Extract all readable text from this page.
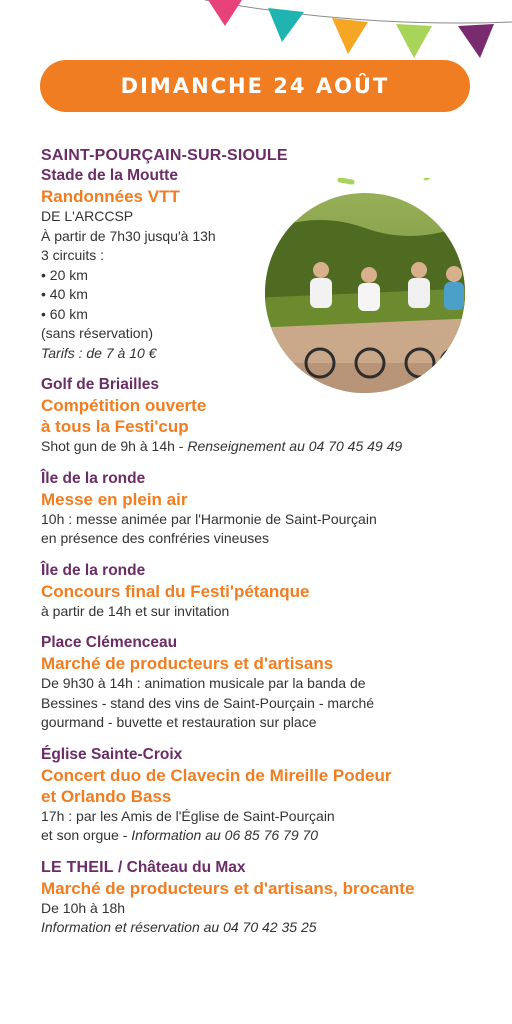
DIMANCHE 24 AOÛT
SAINT-POURÇAIN-SUR-SIOULE
Stade de la Moutte
Randonnées VTT
DE L'ARCCSP
À partir de 7h30 jusqu'à 13h
3 circuits :
• 20 km
• 40 km
• 60 km
(sans réservation)
Tarifs : de 7 à 10 €
Golf de Briailles
Compétition ouverte
à tous la Festi'cup
Shot gun de 9h à 14h - Renseignement au 04 70 45 49 49
Île de la ronde
Messe en plein air
10h : messe animée par l'Harmonie de Saint-Pourçain
en présence des confréries vineuses
Île de la ronde
Concours final du Festi'pétanque
à partir de 14h et sur invitation
Place Clémenceau
Marché de producteurs et d'artisans
De 9h30 à 14h : animation musicale par la banda de
Bessines - stand des vins de Saint-Pourçain - marché
gourmand - buvette et restauration sur place
Église Sainte-Croix
Concert duo de Clavecin de Mireille Podeur
et Orlando Bass
17h : par les Amis de l'Église de Saint-Pourçain
et son orgue - Information au 06 85 76 79 70
LE THEIL / Château du Max
Marché de producteurs et d'artisans, brocante
De 10h à 18h
Information et réservation au 04 70 42 35 25
